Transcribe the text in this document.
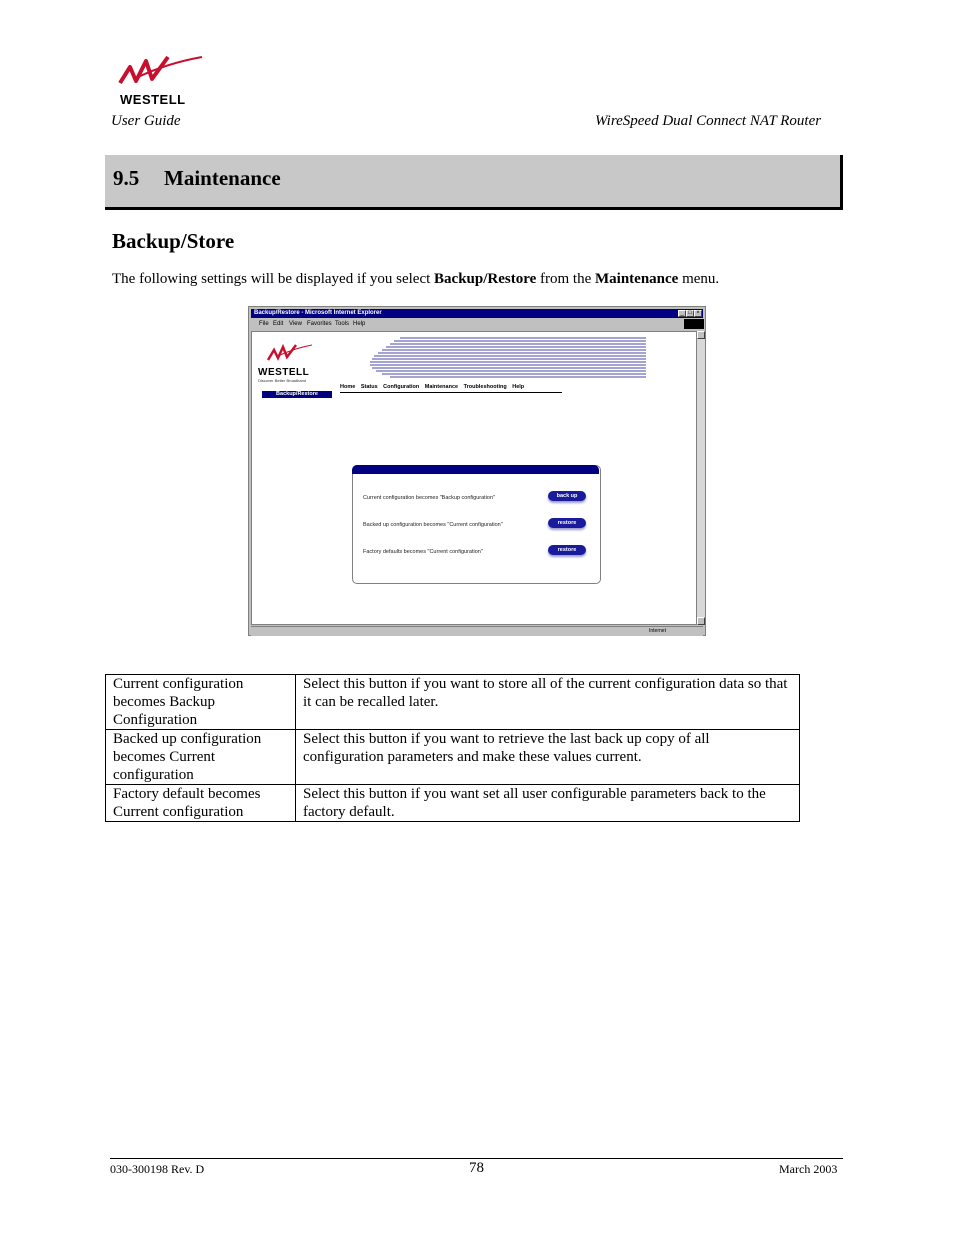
WESTELL
User Guide	WireSpeed Dual Connect NAT Router
9.5 Maintenance
Backup/Store
The following settings will be displayed if you select Backup/Restore from the Maintenance menu.
Backup/Restore - Microsoft Internet Explorer	_ □ ×
File Edit View Favorites Tools Help
WESTELL
Discover Better Broadband
Home Status Configuration Maintenance Troubleshooting Help
Backup/Restore
Current configuration becomes "Backup configuration"	back up
Backed up configuration becomes "Current configuration"	restore
Factory defaults becomes "Current configuration"	restore
Internet
Current configuration becomes Backup Configuration	Select this button if you want to store all of the current configuration data so that it can be recalled later.
Backed up configuration becomes Current configuration	Select this button if you want to retrieve the last back up copy of all configuration parameters and make these values current.
Factory default becomes Current configuration	Select this button if you want set all user configurable parameters back to the factory default.
030-300198 Rev. D	78	March 2003
